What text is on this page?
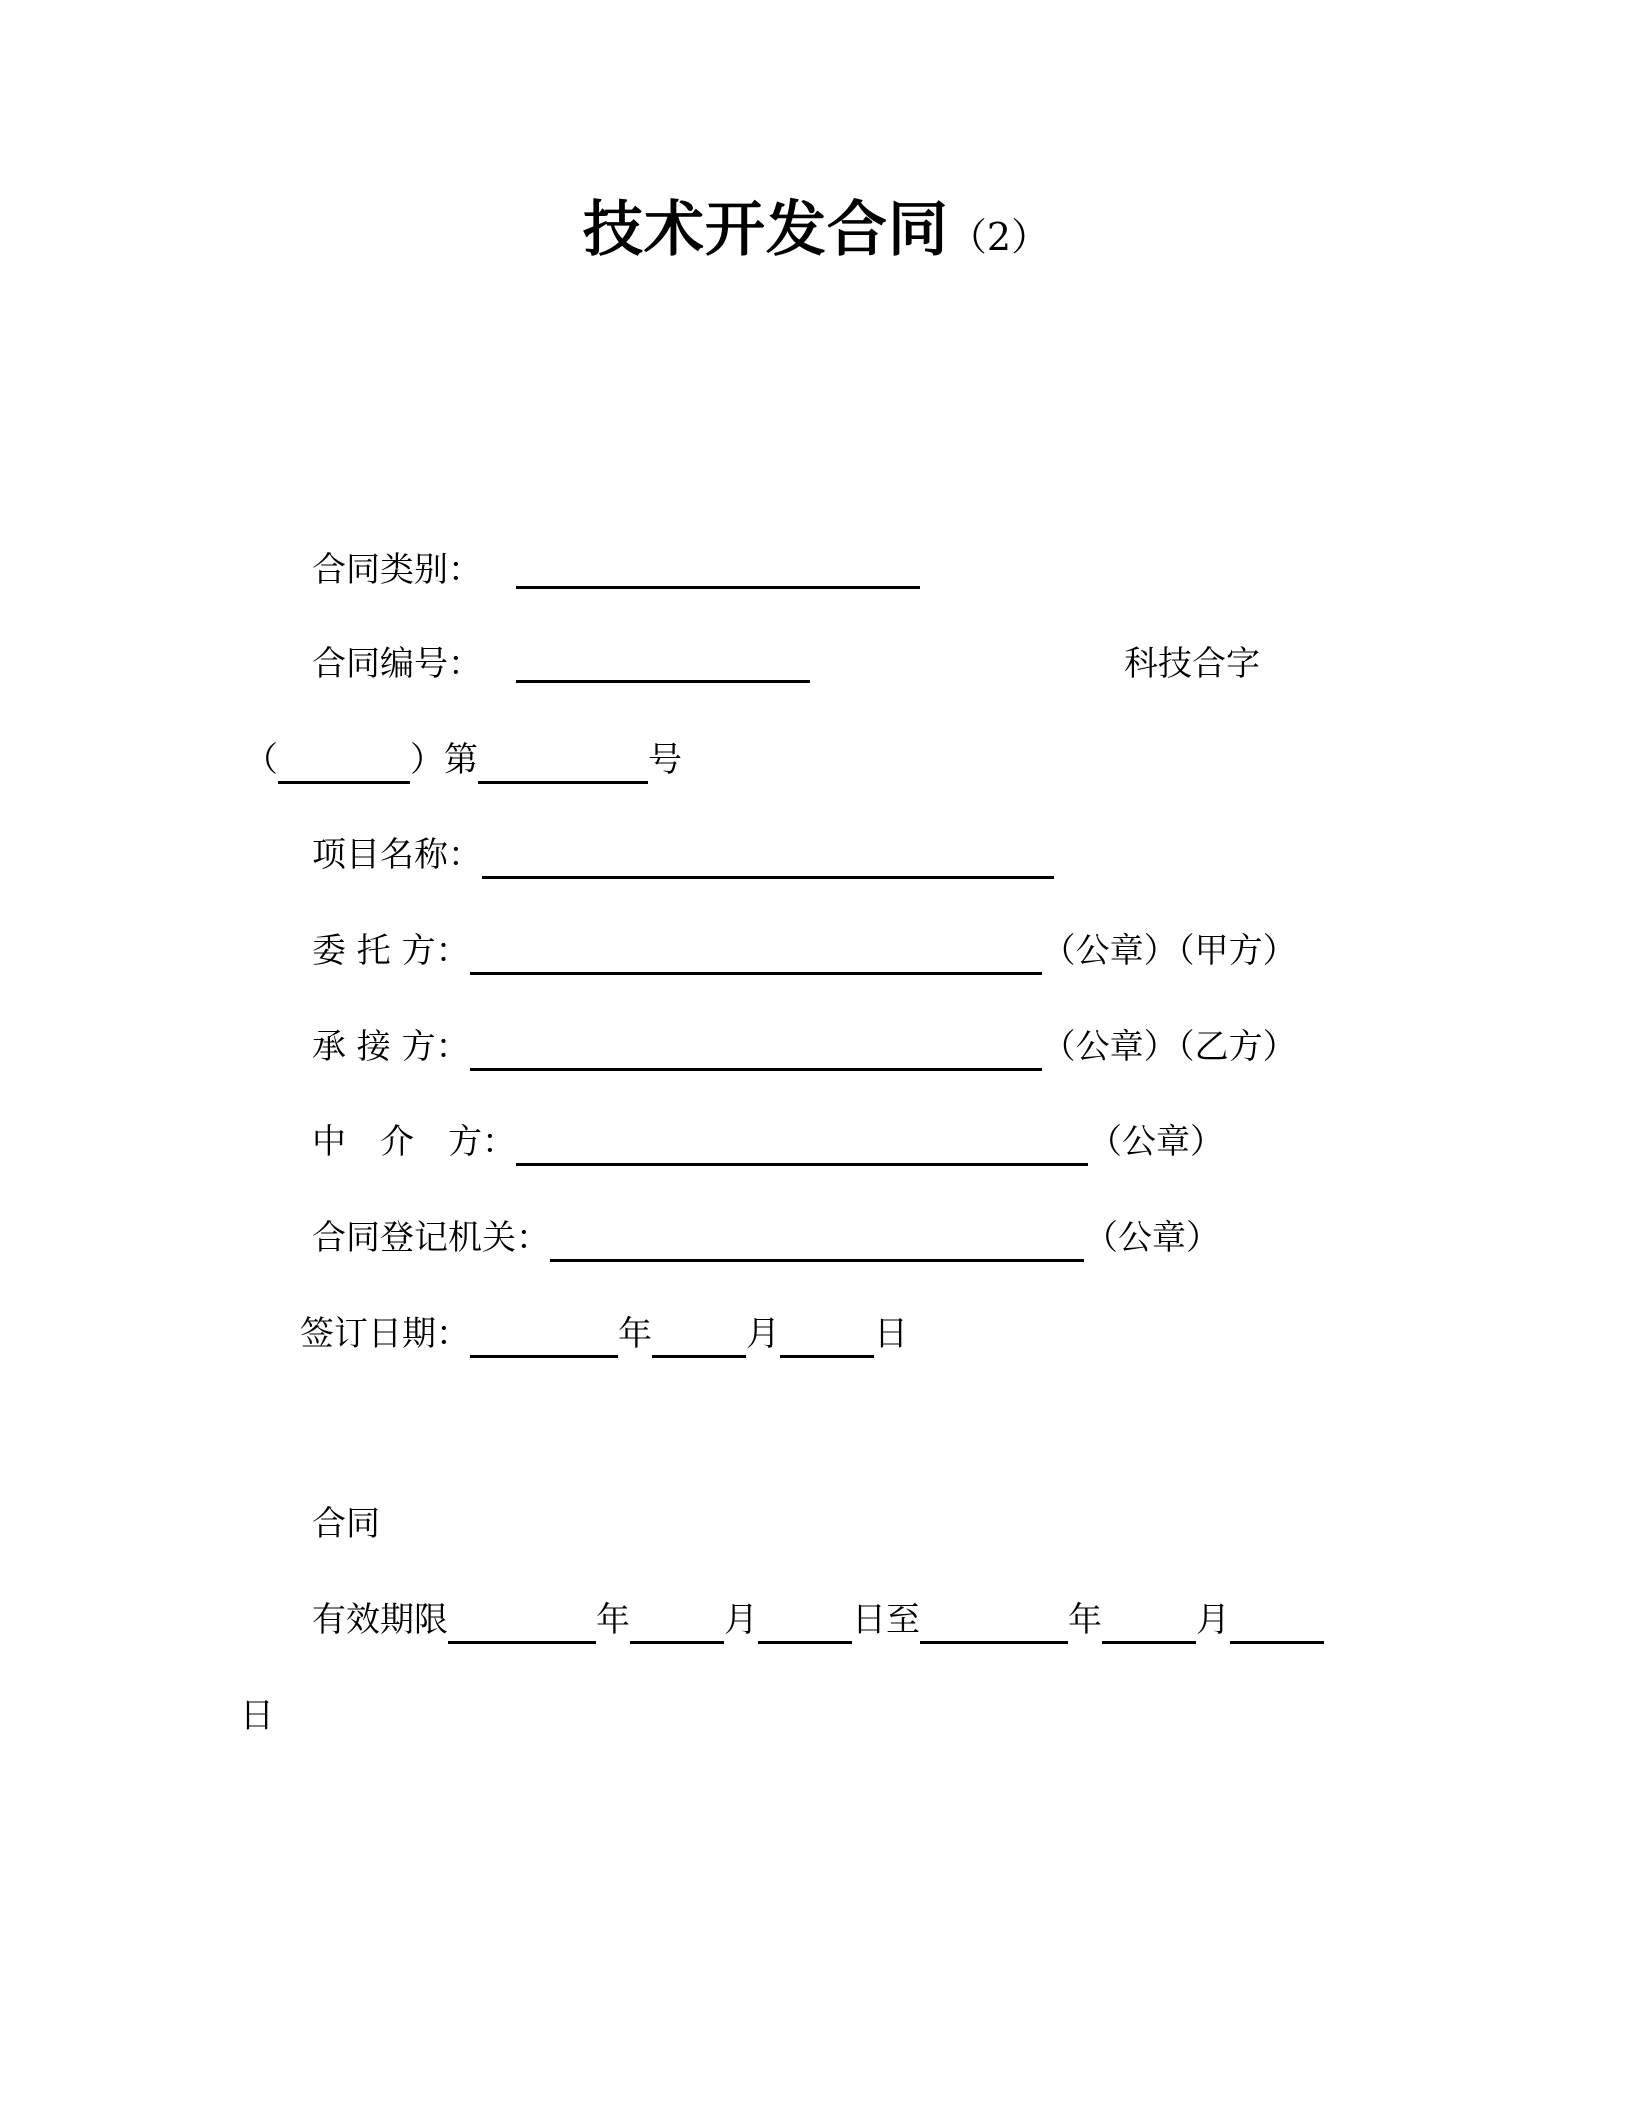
技术开发合同（2）
合同类别：
合同编号：	科技合字
（	）第	号
项目名称：
委 托 方：	（公章）（甲方）
承 接 方：	（公章）（乙方）
中　介　方：	（公章）
合同登记机关：	（公章）
签订日期：	年	月	日
合同
有效期限	年	月	日至	年	月
日
